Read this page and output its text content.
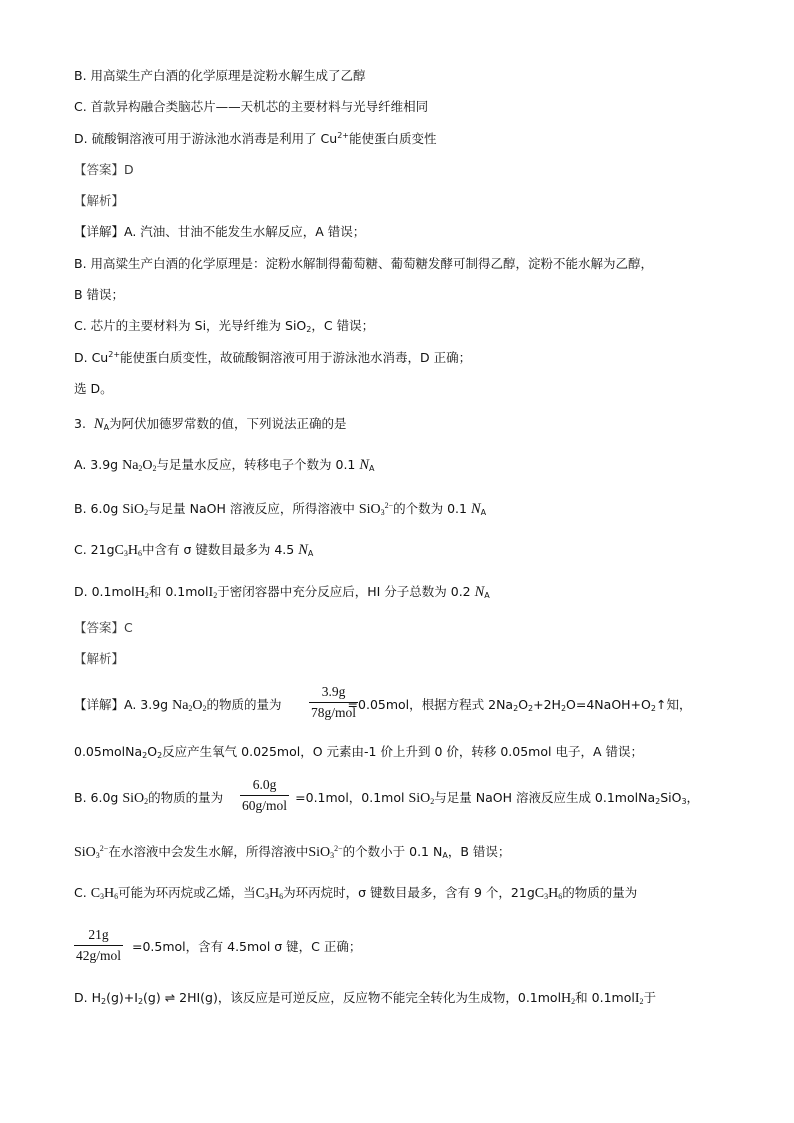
B. 用高粱生产白酒的化学原理是淀粉水解生成了乙醇
C. 首款异构融合类脑芯片——天机芯的主要材料与光导纤维相同
D. 硫酸铜溶液可用于游泳池水消毒是利用了 $Cu^{2+}$能使蛋白质变性
【答案】D
【解析】
【详解】A. 汽油、甘油不能发生水解反应，A 错误；
B. 用高粱生产白酒的化学原理是：淀粉水解制得葡萄糖、葡萄糖发酵可制得乙醇，淀粉不能水解为乙醇，
B 错误；
C. 芯片的主要材料为 Si，光导纤维为 SiO$_2$，C 错误；
D. $Cu^{2+}$能使蛋白质变性，故硫酸铜溶液可用于游泳池水消毒，D 正确；
选 D。
3. $N_A$为阿伏加德罗常数的值，下列说法正确的是
A. 3.9g $Na_2O_2$与足量水反应，转移电子个数为 0.1 $N_A$
B. 6.0g SiO$_2$与足量 NaOH 溶液反应，所得溶液中 SiO$_3^{2-}$的个数为 0.1 $N_A$
C. $21gC_3H_6$中含有 σ 键数目最多为 4.5 $N_A$
D. 0.1molH$_2$和 0.1molI$_2$于密闭容器中充分反应后，HI 分子总数为 0.2 $N_A$
【答案】C
【解析】
【详解】A. 3.9g $Na_2O_2$的物质的量为	=0.05mol，根据方程式 $2Na_2O_2+2H_2O=4NaOH+O_2↑$知，
3.9g
78g/mol
$0.05molNa_2O_2$反应产生氧气 0.025mol，O 元素由-1 价上升到 0 价，转移 0.05mol 电子，A 错误；
B. 6.0g SiO$_2$的物质的量为	=0.1mol，0.1mol SiO$_2$与足量 NaOH 溶液反应生成 0.1molNa$_2$SiO$_3$，
6.0g
60g/mol
SiO$_3^{2-}$在水溶液中会发生水解，所得溶液中SiO$_3^{2-}$的个数小于 0.1 $N_A$，B 错误；
C. $C_3H_6$可能为环丙烷或乙烯，当$C_3H_6$为环丙烷时，σ 键数目最多，含有 9 个，$21gC_3H_6$的物质的量为
21g
42g/mol
=0.5mol，含有 4.5mol σ 键，C 正确；
D. $H_2(g)+I_2(g)$ ⇌ 2HI(g)，该反应是可逆反应，反应物不能完全转化为生成物，0.1molH$_2$和 0.1molI$_2$于
